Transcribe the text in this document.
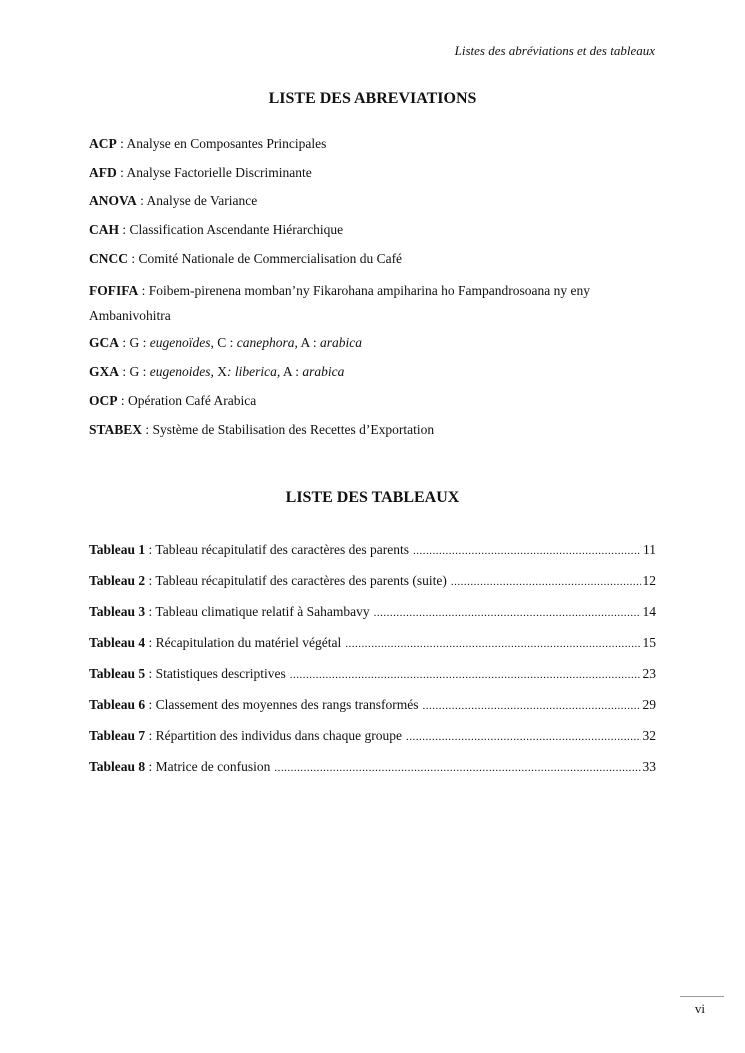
Listes des abréviations et des tableaux
LISTE DES ABREVIATIONS
ACP : Analyse en Composantes Principales
AFD : Analyse Factorielle Discriminante
ANOVA : Analyse de Variance
CAH : Classification Ascendante Hiérarchique
CNCC : Comité Nationale de Commercialisation du Café
FOFIFA : Foibem-pirenena momban’ny Fikarohana ampiharina ho Fampandrosoana ny eny Ambanivohitra
GCA : G : eugenoïdes, C : canephora, A : arabica
GXA : G : eugenoides, X: liberica, A : arabica
OCP : Opération Café Arabica
STABEX : Système de Stabilisation des Recettes d’Exportation
LISTE DES TABLEAUX
Tableau 1 : Tableau récapitulatif des caractères des parents .....	11
Tableau 2 : Tableau récapitulatif des caractères des parents (suite) .....	12
Tableau 3 : Tableau climatique relatif à Sahambavy .....	14
Tableau 4 : Récapitulation du matériel végétal .....	15
Tableau 5 : Statistiques descriptives .....	23
Tableau 6 : Classement des moyennes des rangs transformés .....	29
Tableau 7 : Répartition des individus dans chaque groupe .....	32
Tableau 8 : Matrice de confusion .....	33
vi
